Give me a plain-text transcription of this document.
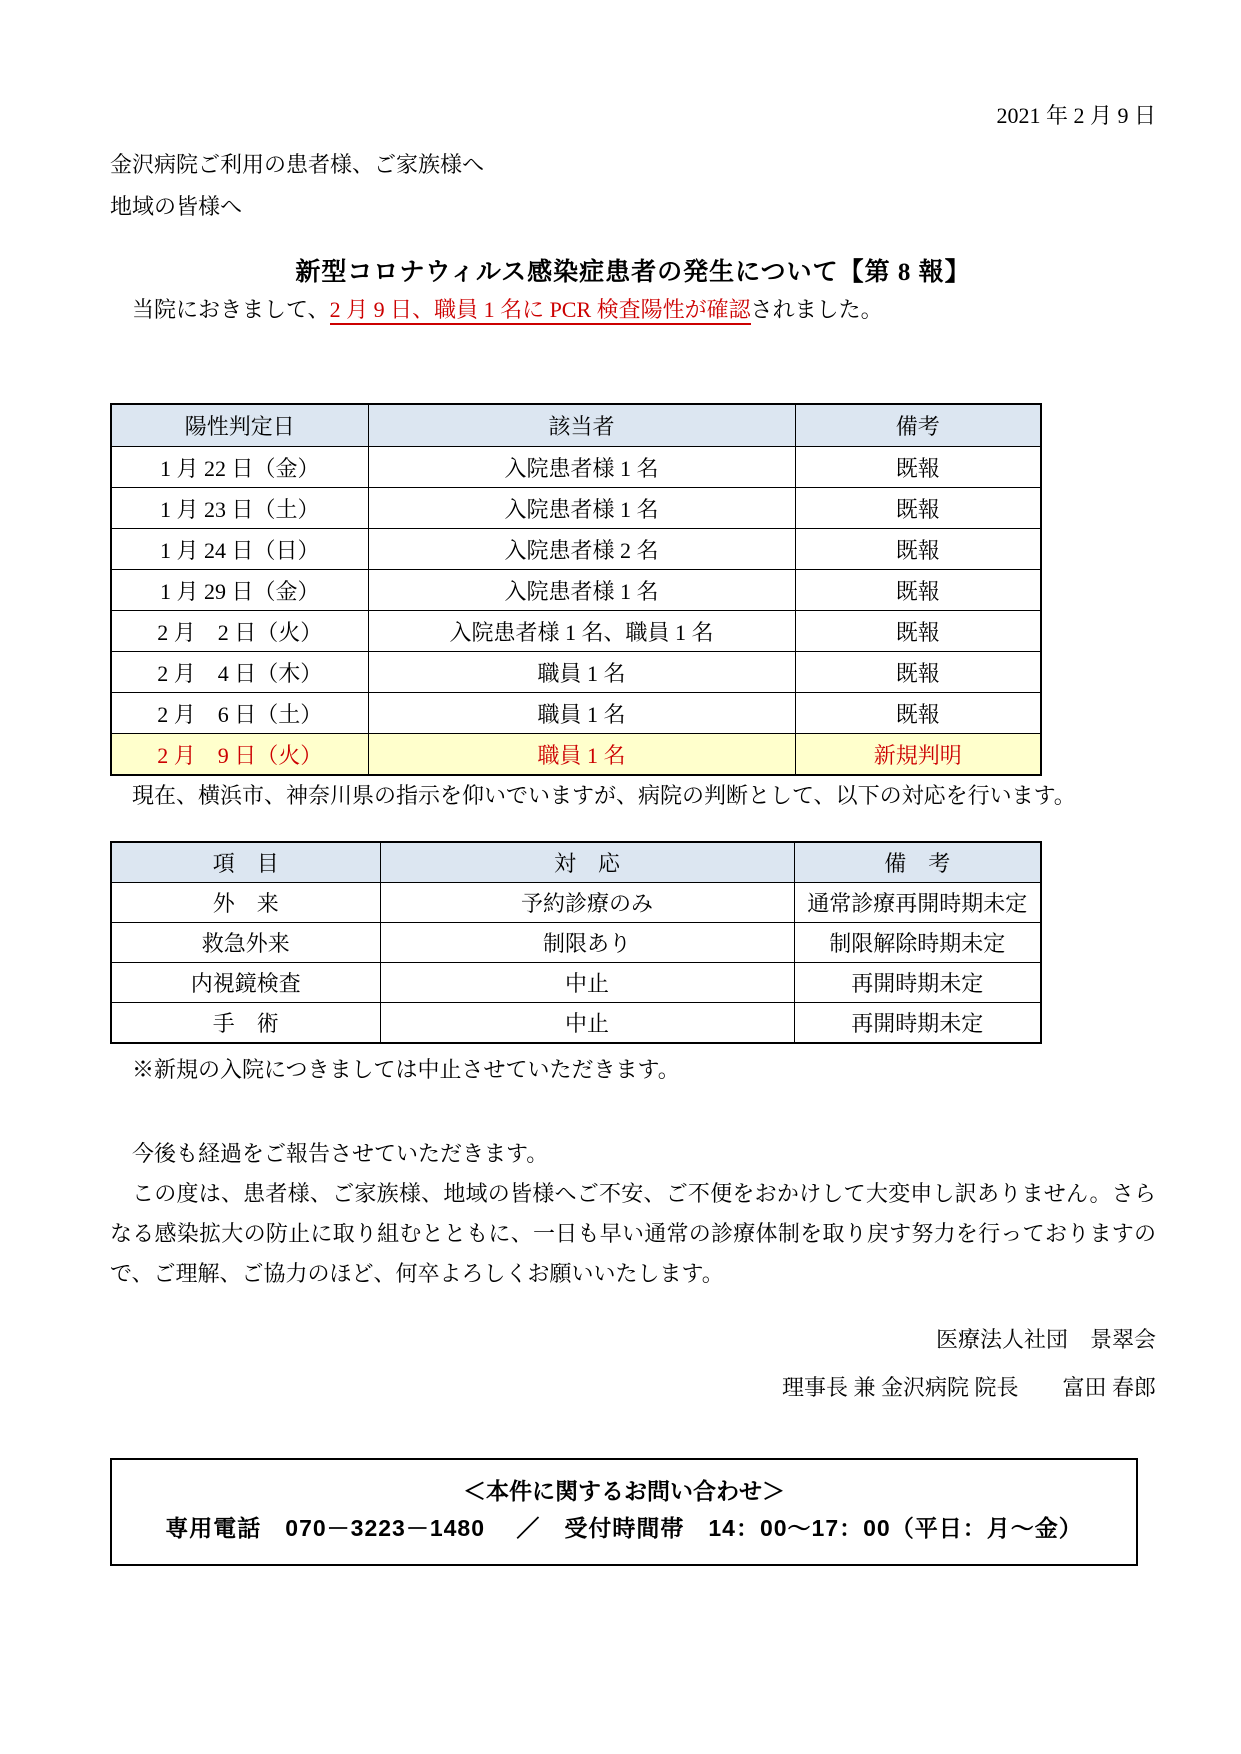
2021 年 2 月 9 日
金沢病院ご利用の患者様、ご家族様へ
地域の皆様へ
新型コロナウィルス感染症患者の発生について【第 8 報】

当院におきまして、2 月 9 日、職員 1 名に PCR 検査陽性が確認されました。

陽性判定日	該当者	備考
1 月 22 日（金）	入院患者様 1 名	既報
1 月 23 日（土）	入院患者様 1 名	既報
1 月 24 日（日）	入院患者様 2 名	既報
1 月 29 日（金）	入院患者様 1 名	既報
2 月　2 日（火）	入院患者様 1 名、職員 1 名	既報
2 月　4 日（木）	職員 1 名	既報
2 月　6 日（土）	職員 1 名	既報
2 月　9 日（火）	職員 1 名	新規判明

現在、横浜市、神奈川県の指示を仰いでいますが、病院の判断として、以下の対応を行います。

項　目	対　応	備　考
外　来	予約診療のみ	通常診療再開時期未定
救急外来	制限あり	制限解除時期未定
内視鏡検査	中止	再開時期未定
手　術	中止	再開時期未定

※新規の入院につきましては中止させていただきます。

今後も経過をご報告させていただきます。

この度は、患者様、ご家族様、地域の皆様へご不安、ご不便をおかけして大変申し訳ありません。さらなる感染拡大の防止に取り組むとともに、一日も早い通常の診療体制を取り戻す努力を行っておりますので、ご理解、ご協力のほど、何卒よろしくお願いいたします。

医療法人社団　景翠会
理事長 兼 金沢病院 院長　　富田 春郎
＜本件に関するお問い合わせ＞
専用電話　070－3223－1480　 ／　受付時間帯　14：00～17：00（平日：月～金）
